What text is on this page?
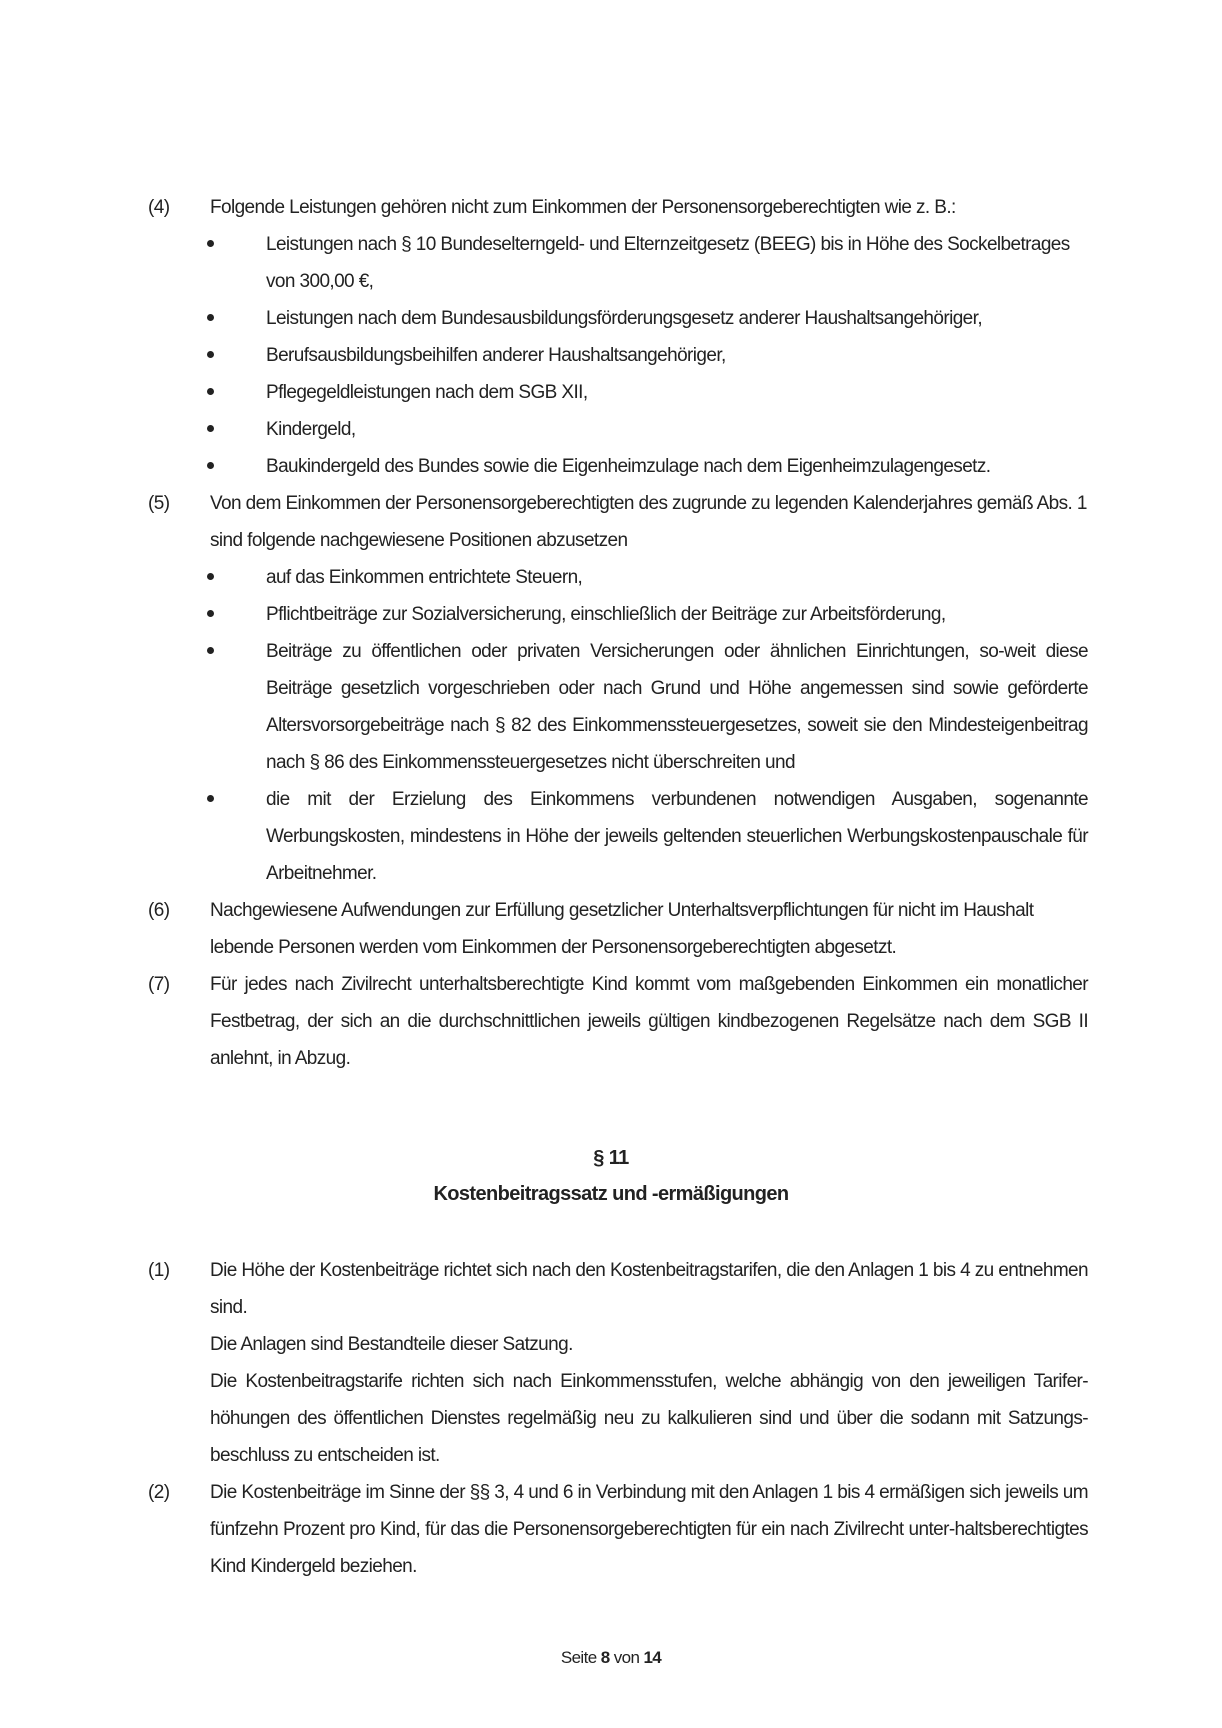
(4) Folgende Leistungen gehören nicht zum Einkommen der Personensorgeberechtigten wie z. B.:
Leistungen nach § 10 Bundeselterngeld- und Elternzeitgesetz (BEEG) bis in Höhe des Sockelbetrages von 300,00 €,
Leistungen nach dem Bundesausbildungsförderungsgesetz anderer Haushaltsangehöriger,
Berufsausbildungsbeihilfen anderer Haushaltsangehöriger,
Pflegegeldleistungen nach dem SGB XII,
Kindergeld,
Baukindergeld des Bundes sowie die Eigenheimzulage nach dem Eigenheimzulagengesetz.
(5) Von dem Einkommen der Personensorgeberechtigten des zugrunde zu legenden Kalenderjahres gemäß Abs. 1 sind folgende nachgewiesene Positionen abzusetzen
auf das Einkommen entrichtete Steuern,
Pflichtbeiträge zur Sozialversicherung, einschließlich der Beiträge zur Arbeitsförderung,
Beiträge zu öffentlichen oder privaten Versicherungen oder ähnlichen Einrichtungen, so-weit diese Beiträge gesetzlich vorgeschrieben oder nach Grund und Höhe angemessen sind sowie geförderte Altersvorsorgebeiträge nach § 82 des Einkommenssteuergesetzes, soweit sie den Mindesteigenbeitrag nach § 86 des Einkommenssteuergesetzes nicht überschreiten und
die mit der Erzielung des Einkommens verbundenen notwendigen Ausgaben, sogenannte Werbungskosten, mindestens in Höhe der jeweils geltenden steuerlichen Werbungskostenpauschale für Arbeitnehmer.
(6) Nachgewiesene Aufwendungen zur Erfüllung gesetzlicher Unterhaltsverpflichtungen für nicht im Haushalt lebende Personen werden vom Einkommen der Personensorgeberechtigten abgesetzt.
(7) Für jedes nach Zivilrecht unterhaltsberechtigte Kind kommt vom maßgebenden Einkommen ein monatlicher Festbetrag, der sich an die durchschnittlichen jeweils gültigen kindbezogenen Regelsätze nach dem SGB II anlehnt, in Abzug.
§ 11
Kostenbeitragssatz und -ermäßigungen
(1) Die Höhe der Kostenbeiträge richtet sich nach den Kostenbeitragstarifen, die den Anlagen 1 bis 4 zu entnehmen sind.
Die Anlagen sind Bestandteile dieser Satzung.
Die Kostenbeitragstarife richten sich nach Einkommensstufen, welche abhängig von den jeweiligen Tarifer-höhungen des öffentlichen Dienstes regelmäßig neu zu kalkulieren sind und über die sodann mit Satzungs-beschluss zu entscheiden ist.
(2) Die Kostenbeiträge im Sinne der §§ 3, 4 und 6 in Verbindung mit den Anlagen 1 bis 4 ermäßigen sich jeweils um fünfzehn Prozent pro Kind, für das die Personensorgeberechtigten für ein nach Zivilrecht unter-haltsberechtigtes Kind Kindergeld beziehen.
Seite 8 von 14
